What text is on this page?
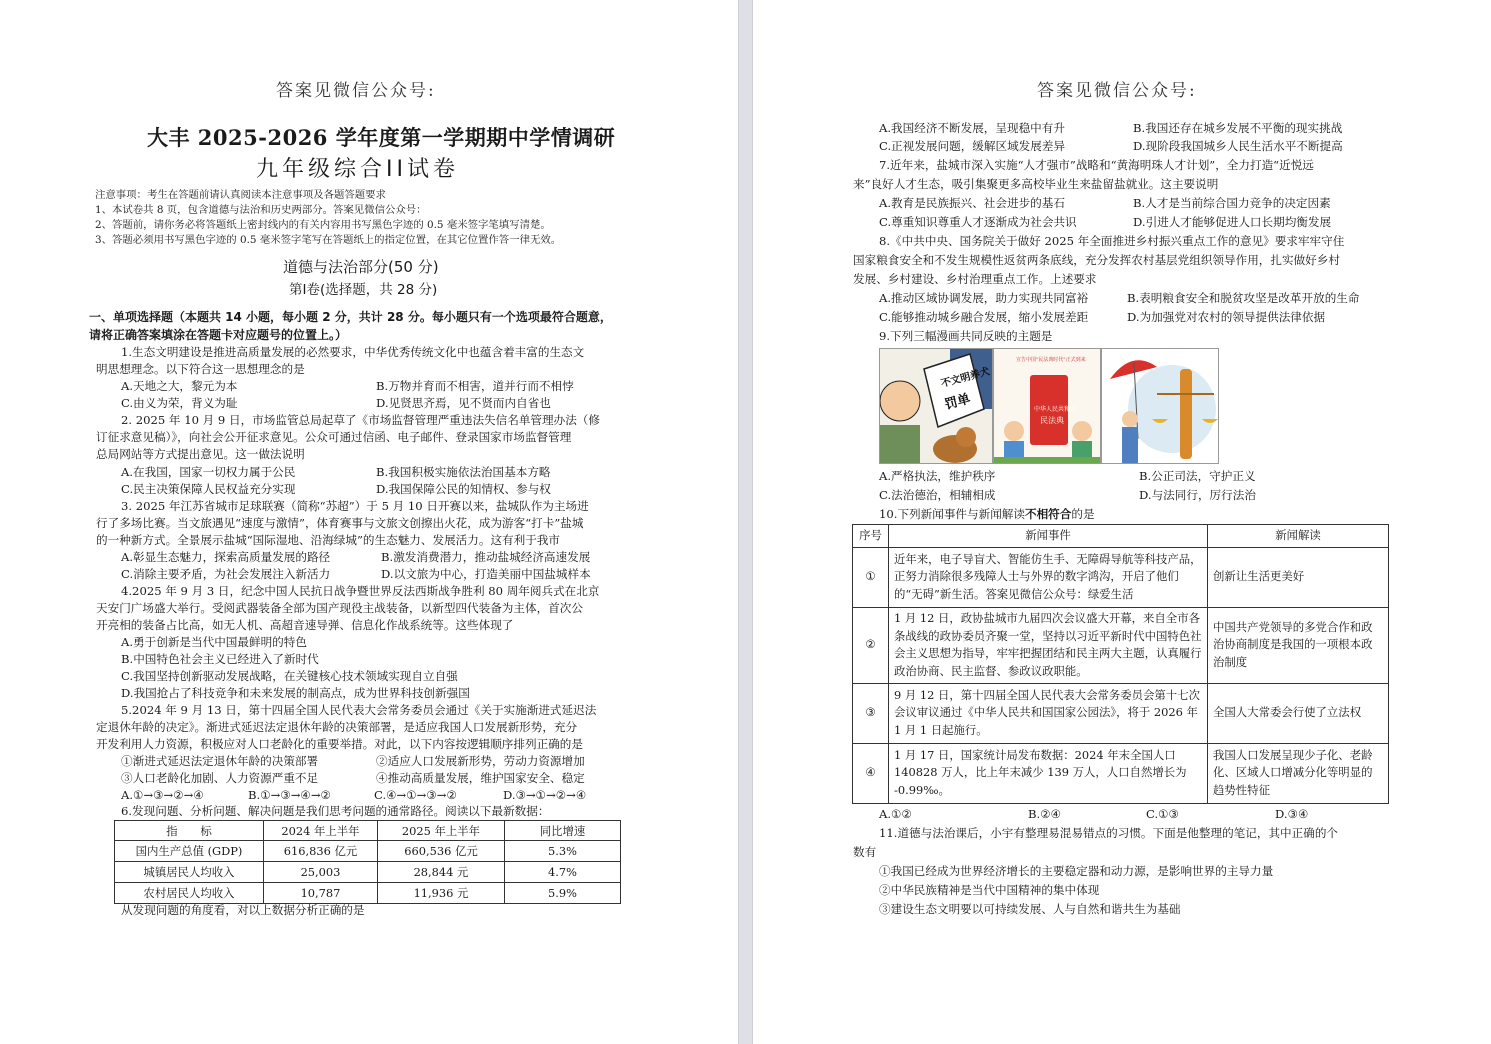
答案见微信公众号:
大丰 2025-2026 学年度第一学期期中学情调研
九年级综合II试卷
注意事项：考生在答题前请认真阅读本注意事项及各题答题要求
1、本试卷共 8 页，包含道德与法治和历史两部分。答案见微信公众号：
2、答题前，请你务必将答题纸上密封线内的有关内容用书写黑色字迹的 0.5 毫米签字笔填写清楚。
3、答题必须用书写黑色字迹的 0.5 毫米签字笔写在答题纸上的指定位置，在其它位置作答一律无效。
道德与法治部分(50 分)
第I卷(选择题，共 28 分)
一、单项选择题（本题共 14 小题，每小题 2 分，共计 28 分。每小题只有一个选项最符合题意，
请将正确答案填涂在答题卡对应题号的位置上。）
1.生态文明建设是推进高质量发展的必然要求，中华优秀传统文化中也蕴含着丰富的生态文
明思想理念。以下符合这一思想理念的是
A.天地之大，黎元为本	B.万物并育而不相害，道并行而不相悖
C.由义为荣，背义为耻	D.见贤思齐焉，见不贤而内自省也
2. 2025 年 10 月 9 日，市场监管总局起草了《市场监督管理严重违法失信名单管理办法（修
订征求意见稿）》，向社会公开征求意见。公众可通过信函、电子邮件、登录国家市场监督管理
总局网站等方式提出意见。这一做法说明
A.在我国，国家一切权力属于公民	B.我国积极实施依法治国基本方略
C.民主决策保障人民权益充分实现	D.我国保障公民的知情权、参与权
3. 2025 年江苏省城市足球联赛（简称“苏超”）于 5 月 10 日开赛以来，盐城队作为主场进
行了多场比赛。当文旅遇见“速度与激情”，体育赛事与文旅文创擦出火花，成为游客“打卡”盐城
的一种新方式。全景展示盐城“国际湿地、沿海绿城”的生态魅力、发展活力。这有利于我市
A.彰显生态魅力，探索高质量发展的路径	B.激发消费潜力，推动盐城经济高速发展
C.消除主要矛盾，为社会发展注入新活力	D.以文旅为中心，打造美丽中国盐城样本
4.2025 年 9 月 3 日，纪念中国人民抗日战争暨世界反法西斯战争胜利 80 周年阅兵式在北京
天安门广场盛大举行。受阅武器装备全部为国产现役主战装备，以新型四代装备为主体，首次公
开亮相的装备占比高，如无人机、高超音速导弹、信息化作战系统等。这些体现了
A.勇于创新是当代中国最鲜明的特色
B.中国特色社会主义已经进入了新时代
C.我国坚持创新驱动发展战略，在关键核心技术领域实现自立自强
D.我国抢占了科技竞争和未来发展的制高点，成为世界科技创新强国
5.2024 年 9 月 13 日，第十四届全国人民代表大会常务委员会通过《关于实施渐进式延迟法
定退休年龄的决定》。渐进式延迟法定退休年龄的决策部署，是适应我国人口发展新形势，充分
开发利用人力资源，积极应对人口老龄化的重要举措。对此，以下内容按逻辑顺序排列正确的是
①渐进式延迟法定退休年龄的决策部署	②适应人口发展新形势，劳动力资源增加
③人口老龄化加剧、人力资源严重不足	④推动高质量发展，维护国家安全、稳定
A.①→③→②→④	B.①→③→④→②	C.④→①→③→②	D.③→①→②→④
6.发现问题、分析问题、解决问题是我们思考问题的通常路径。阅读以下最新数据：
指　　标	2024 年上半年	2025 年上半年	同比增速
国内生产总值 (GDP)	616,836 亿元	660,536 亿元	5.3%
城镇居民人均收入	25,003	28,844 元	4.7%
农村居民人均收入	10,787	11,936 元	5.9%
从发现问题的角度看，对以上数据分析正确的是
答案见微信公众号:
A.我国经济不断发展，呈现稳中有升	B.我国还存在城乡发展不平衡的现实挑战
C.正视发展问题，缓解区域发展差异	D.现阶段我国城乡人民生活水平不断提高
7.近年来，盐城市深入实施“人才强市”战略和“黄海明珠人才计划”，全力打造“近悦远
来”良好人才生态，吸引集聚更多高校毕业生来盐留盐就业。这主要说明
A.教育是民族振兴、社会进步的基石	B.人才是当前综合国力竞争的决定因素
C.尊重知识尊重人才逐渐成为社会共识	D.引进人才能够促进人口长期均衡发展
8.《中共中央、国务院关于做好 2025 年全面推进乡村振兴重点工作的意见》要求牢牢守住
国家粮食安全和不发生规模性返贫两条底线，充分发挥农村基层党组织领导作用，扎实做好乡村
发展、乡村建设、乡村治理重点工作。上述要求
A.推动区域协调发展，助力实现共同富裕	B.表明粮食安全和脱贫攻坚是改革开放的生命
C.能够推动城乡融合发展，缩小发展差距	D.为加强党对农村的领导提供法律依据
9.下列三幅漫画共同反映的主题是
不文明养犬
罚单
宣告中国"民法典时代"正式到来
中华人民共和国
民法典
A.严格执法，维护秩序	B.公正司法，守护正义
C.法治德治，相辅相成	D.与法同行，厉行法治
10.下列新闻事件与新闻解读不相符合的是
序号	新闻事件	新闻解读
①	近年来，电子导盲犬、智能仿生手、无障碍导航等科技产品，正努力消除很多残障人士与外界的数字鸿沟，开启了他们的“无碍”新生活。答案见微信公众号：绿爱生活	创新让生活更美好
②	1 月 12 日，政协盐城市九届四次会议盛大开幕，来自全市各条战线的政协委员齐聚一堂，坚持以习近平新时代中国特色社会主义思想为指导，牢牢把握团结和民主两大主题，认真履行政治协商、民主监督、参政议政职能。	中国共产党领导的多党合作和政治协商制度是我国的一项根本政治制度
③	9 月 12 日，第十四届全国人民代表大会常务委员会第十七次会议审议通过《中华人民共和国国家公园法》，将于 2026 年 1 月 1 日起施行。	全国人大常委会行使了立法权
④	1 月 17 日，国家统计局发布数据：2024 年末全国人口 140828 万人，比上年末减少 139 万人，人口自然增长为 -0.99‰。	我国人口发展呈现少子化、老龄化、区域人口增减分化等明显的趋势性特征
A.①②	B.②④	C.①③	D.③④
11.道德与法治课后，小宇有整理易混易错点的习惯。下面是他整理的笔记，其中正确的个
数有
①我国已经成为世界经济增长的主要稳定器和动力源，是影响世界的主导力量
②中华民族精神是当代中国精神的集中体现
③建设生态文明要以可持续发展、人与自然和谐共生为基础
